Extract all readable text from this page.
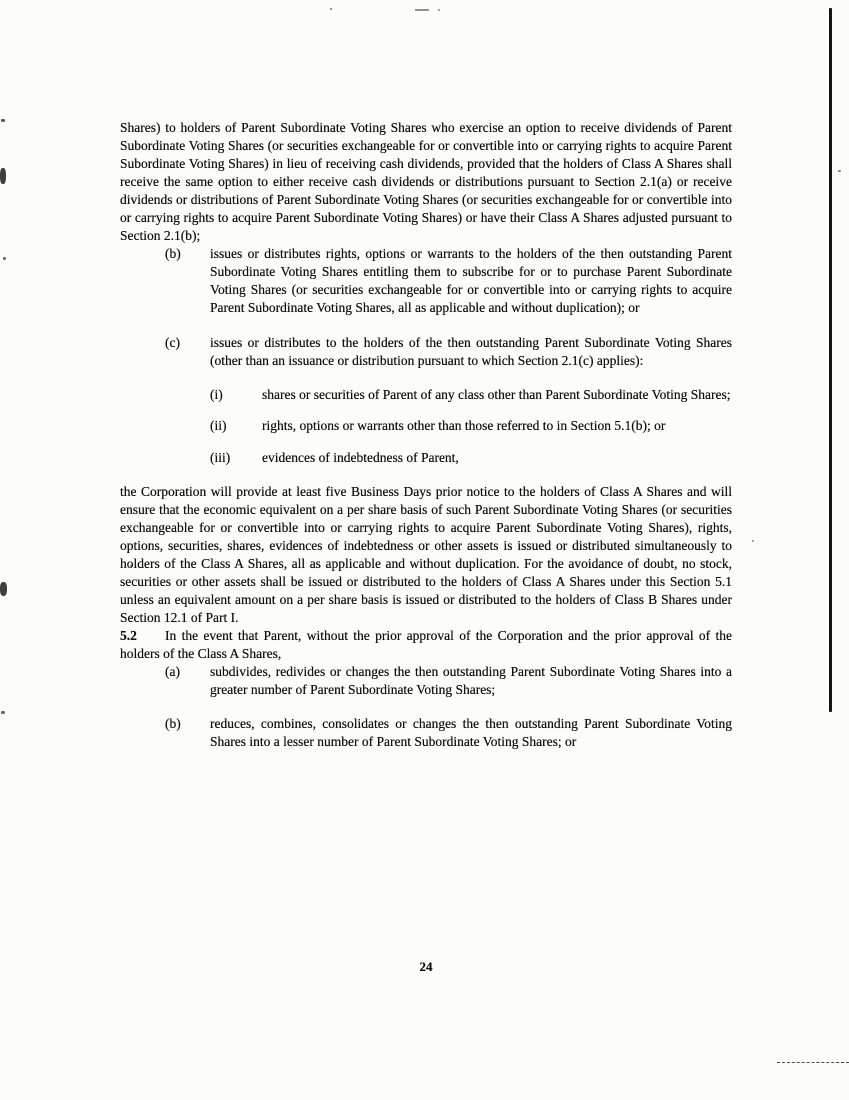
Shares) to holders of Parent Subordinate Voting Shares who exercise an option to receive dividends of Parent Subordinate Voting Shares (or securities exchangeable for or convertible into or carrying rights to acquire Parent Subordinate Voting Shares) in lieu of receiving cash dividends, provided that the holders of Class A Shares shall receive the same option to either receive cash dividends or distributions pursuant to Section 2.1(a) or receive dividends or distributions of Parent Subordinate Voting Shares (or securities exchangeable for or convertible into or carrying rights to acquire Parent Subordinate Voting Shares) or have their Class A Shares adjusted pursuant to Section 2.1(b);

(b) issues or distributes rights, options or warrants to the holders of the then outstanding Parent Subordinate Voting Shares entitling them to subscribe for or to purchase Parent Subordinate Voting Shares (or securities exchangeable for or convertible into or carrying rights to acquire Parent Subordinate Voting Shares, all as applicable and without duplication); or

(c) issues or distributes to the holders of the then outstanding Parent Subordinate Voting Shares (other than an issuance or distribution pursuant to which Section 2.1(c) applies):

(i)	shares or securities of Parent of any class other than Parent Subordinate Voting Shares;

(ii)	rights, options or warrants other than those referred to in Section 5.1(b); or

(iii) evidences of indebtedness of Parent,

the Corporation will provide at least five Business Days prior notice to the holders of Class A Shares and will ensure that the economic equivalent on a per share basis of such Parent Subordinate Voting Shares (or securities exchangeable for or convertible into or carrying rights to acquire Parent Subordinate Voting Shares), rights, options, securities, shares, evidences of indebtedness or other assets is issued or distributed simultaneously to holders of the Class A Shares, all as applicable and without duplication. For the avoidance of doubt, no stock, securities or other assets shall be issued or distributed to the holders of Class A Shares under this Section 5.1 unless an equivalent amount on a per share basis is issued or distributed to the holders of Class B Shares under Section 12.1 of Part I.

5.2 In the event that Parent, without the prior approval of the Corporation and the prior approval of the holders of the Class A Shares,

(a) subdivides, redivides or changes the then outstanding Parent Subordinate Voting Shares into a greater number of Parent Subordinate Voting Shares;

(b) reduces, combines, consolidates or changes the then outstanding Parent Subordinate Voting Shares into a lesser number of Parent Subordinate Voting Shares; or

24
